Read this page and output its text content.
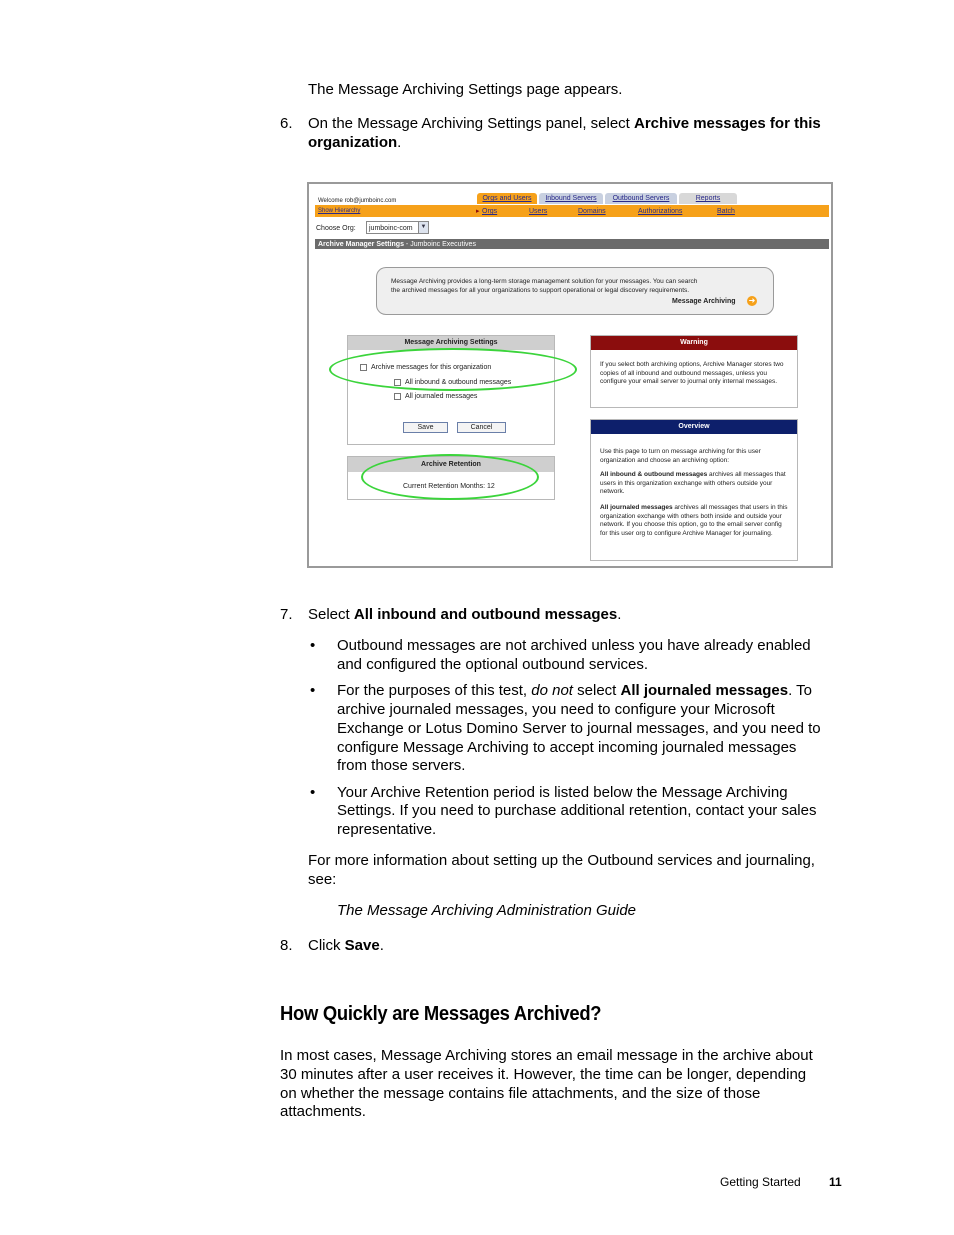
The Message Archiving Settings page appears.

6. On the Message Archiving Settings panel, select Archive messages for this organization.

Welcome rob@jumboinc.com	Orgs and Users	Inbound Servers	Outbound Servers	Reports
Show Hierarchy	▸ Orgs	Users	Domains	Authorizations	Batch
Choose Org: jumboinc-com	▼
Archive Manager Settings - Jumboinc Executives
Message Archiving provides a long-term storage management solution for your messages. You can search
the archived messages for all your organizations to support operational or legal discovery requirements.
Message Archiving ➜
Message Archiving Settings
Archive messages for this organization
All inbound & outbound messages
All journaled messages
Save	Cancel
Archive Retention
Current Retention Months: 12
Warning
If you select both archiving options, Archive Manager stores two copies of all inbound and outbound messages, unless you configure your email server to journal only internal messages.
Overview
Use this page to turn on message archiving for this user organization and choose an archiving option:
All inbound & outbound messages archives all messages that users in this organization exchange with others outside your network.
All journaled messages archives all messages that users in this organization exchange with others both inside and outside your network. If you choose this option, go to the email server config for this user org to configure Archive Manager for journaling.
7. Select All inbound and outbound messages.

• Outbound messages are not archived unless you have already enabled

and configured the optional outbound services.

• For the purposes of this test, do not select All journaled messages. To

archive journaled messages, you need to configure your Microsoft

Exchange or Lotus Domino Server to journal messages, and you need to

configure Message Archiving to accept incoming journaled messages

from those servers.

• Your Archive Retention period is listed below the Message Archiving

Settings. If you need to purchase additional retention, contact your sales

representative.

For more information about setting up the Outbound services and journaling,

see:

The Message Archiving Administration Guide

8. Click Save.

How Quickly are Messages Archived?

In most cases, Message Archiving stores an email message in the archive about

30 minutes after a user receives it. However, the time can be longer, depending

on whether the message contains file attachments, and the size of those

attachments.

Getting Started 11
